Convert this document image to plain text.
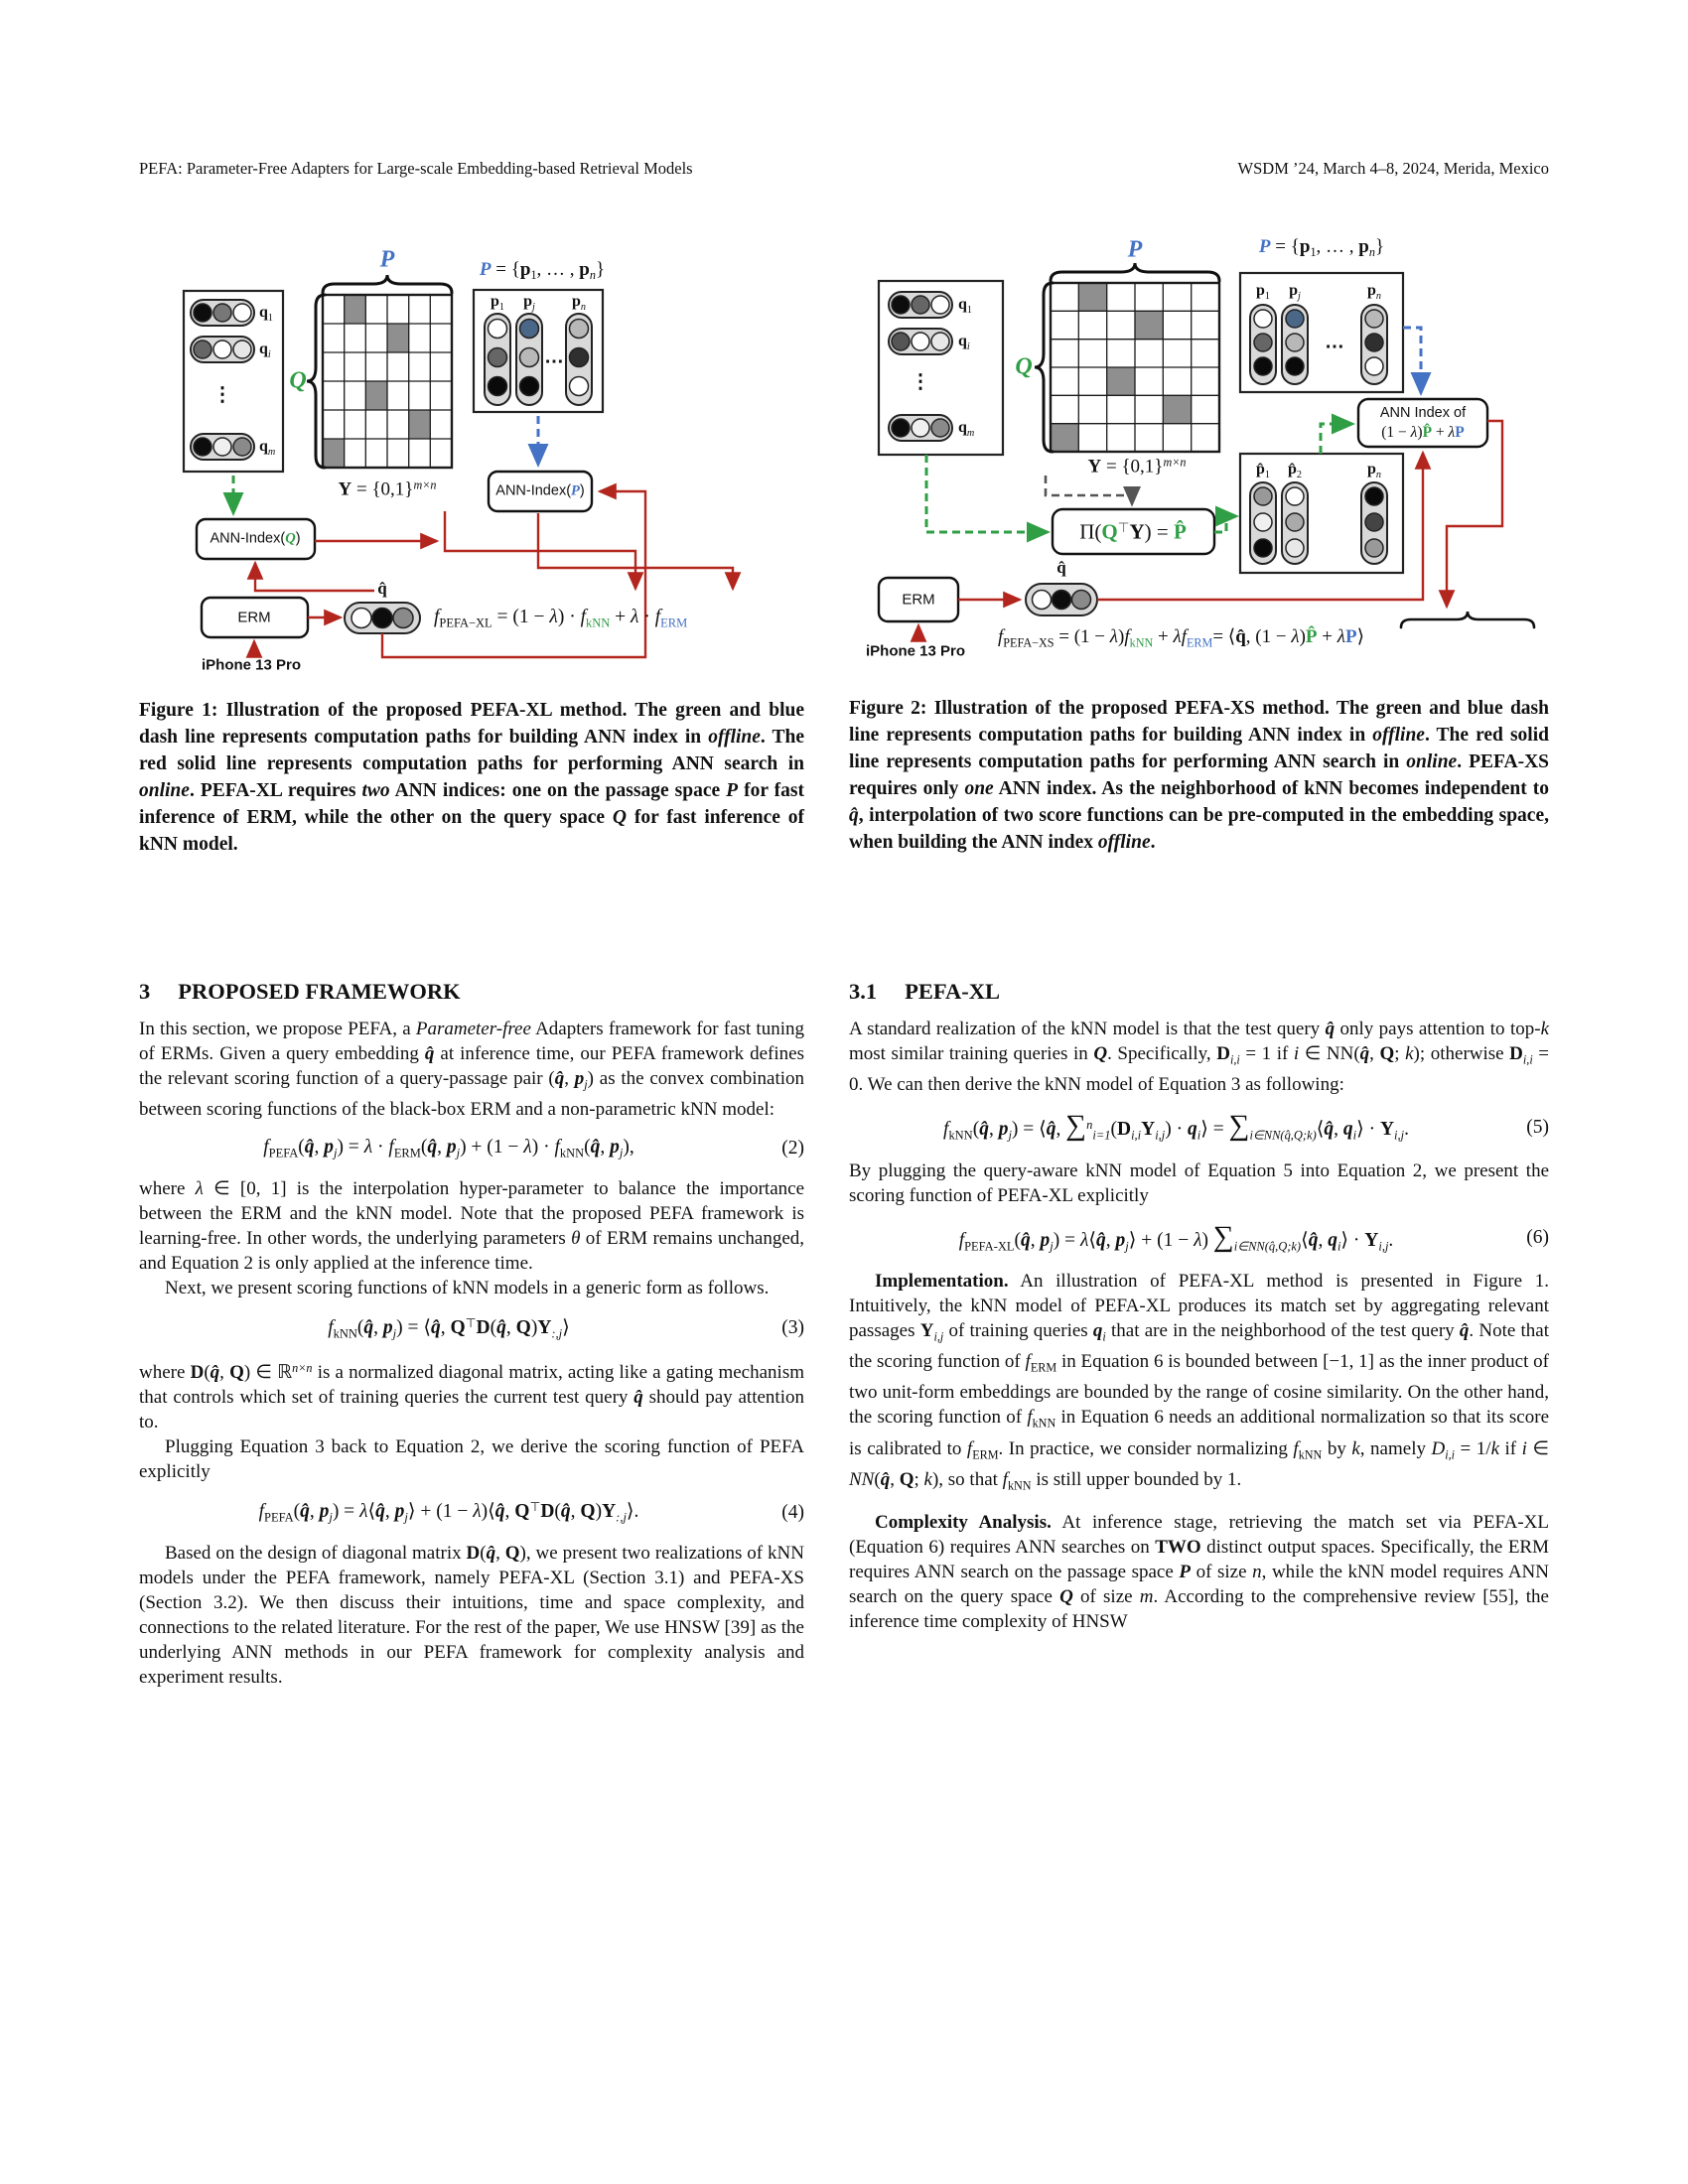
PEFA: Parameter-Free Adapters for Large-scale Embedding-based Retrieval Models	WSDM ’24, March 4–8, 2024, Merida, Mexico
P
Q
$q_1$
$q_i$
$q_m$
⋮
$Y = \{0,1\}^{m\times n}$
$P = \{p_1$, … , $p_n$}
$p_1$ $p_j$ $p_n$
…
ANN-Index(P)
ANN-Index(Q)
ERM
iPhone 13 Pro
q̂
$f_{PEFA-XL} = (1 - \lambda) \cdot f_{kNN} + \lambda \cdot f_{ERM}$
P
Q
$q_1$
$q_i$
$q_m$
⋮
$Y = \{0,1\}^{m\times n}$
$P = \{p_1$, … , $p_n$}
$p_1$ $p_j$	$p_n$
…
$p̂_1$ $p̂_2$	$p_n$
ANN Index of
(1 − λ)P̂ + λP
Π(Q⊤Y) = P̂
ERM
iPhone 13 Pro
q̂
$f_{PEFA-XS} = (1 - \lambda)f_{kNN} + \lambda f_{ERM}=$ ⟨q̂, (1 − λ)P̂ + λP⟩
Figure 1: Illustration of the proposed PEFA-XL method. The green and blue dash line represents computation paths for building ANN index in offline. The red solid line represents computation paths for performing ANN search in online. PEFA-XL requires two ANN indices: one on the passage space P for fast inference of ERM, while the other on the query space Q for fast inference of kNN model.
Figure 2: Illustration of the proposed PEFA-XS method. The green and blue dash line represents computation paths for building ANN index in offline. The red solid line represents computation paths for performing ANN search in online. PEFA-XS requires only one ANN index. As the neighborhood of kNN becomes independent to q̂, interpolation of two score functions can be pre-computed in the embedding space, when building the ANN index offline.
3 PROPOSED FRAMEWORK

In this section, we propose PEFA, a Parameter-free Adapters framework for fast tuning of ERMs. Given a query embedding q̂ at inference time, our PEFA framework defines the relevant scoring function of a query-passage pair (q̂, $p_j$) as the convex combination between scoring functions of the black-box ERM and a non-parametric kNN model:

$f_{PEFA}(q̂$, $p_j) = \lambda$ · $f_{ERM}(q̂$, $p_j) + (1 - \lambda)$ · $f_{kNN}(q̂$, $p_j$),	(2)

where λ ∈ [0, 1] is the interpolation hyper-parameter to balance the importance between the ERM and the kNN model. Note that the proposed PEFA framework is learning-free. In other words, the underlying parameters θ of ERM remains unchanged, and Equation 2 is only applied at the inference time.

Next, we present scoring functions of kNN models in a generic form as follows.

$f_{kNN}(q̂$, $p_j$) = ⟨q̂, Q⊤D(q̂, $Q)Y_{:,j}⟩$	(3)

where D(q̂, Q) ∈ ℝ$^{n\times n}$ is a normalized diagonal matrix, acting like a gating mechanism that controls which set of training queries the current test query q̂ should pay attention to.

Plugging Equation 3 back to Equation 2, we derive the scoring function of PEFA explicitly

$f_{PEFA}(q̂$, $p_j$) = λ⟨q̂, $p_j⟩ + (1$ − λ)⟨q̂, Q⊤D(q̂, $Q)Y_{:,j}⟩$.	(4)

Based on the design of diagonal matrix D(q̂, Q), we present two realizations of kNN models under the PEFA framework, namely PEFA-XL (Section 3.1) and PEFA-XS (Section 3.2). We then discuss their intuitions, time and space complexity, and connections to the related literature. For the rest of the paper, We use HNSW [39] as the underlying ANN methods in our PEFA framework for complexity analysis and experiment results.

3.1 PEFA-XL

A standard realization of the kNN model is that the test query q̂ only pays attention to top-k most similar training queries in Q. Specifically, $D_{i,i} = 1$ if i ∈ NN(q̂, Q; k); otherwise $D_{i,i} = 0$. We can then derive the kNN model of Equation 3 as following:

$f_{kNN}(q̂$, $p_j$) = ⟨q̂, $\sum^n_{i=1}(D_{i,i}Y_{i,j})$ · $q_i⟩$ = $\sum_{i\in NN(q̂,Q;k)}⟨q̂$, $q_i⟩ \cdot Y_{i,j}$.	(5)

By plugging the query-aware kNN model of Equation 5 into Equation 2, we present the scoring function of PEFA-XL explicitly

$f_{PEFA-XL}(q̂$, $p_j$) = λ⟨q̂, $p_j⟩ + (1 - \lambda)$ $\sum_{i\in NN(q̂,Q;k)}⟨q̂$, $q_i⟩ \cdot Y_{i,j}$.	(6)

Implementation. An illustration of PEFA-XL method is presented in Figure 1. Intuitively, the kNN model of PEFA-XL produces its match set by aggregating relevant passages $Y_{i,j}$ of training queries $q_i$ that are in the neighborhood of the test query q̂. Note that the scoring function of $f_{ERM}$ in Equation 6 is bounded between [−1, 1] as the inner product of two unit-form embeddings are bounded by the range of cosine similarity. On the other hand, the scoring function of $f_{kNN}$ in Equation 6 needs an additional normalization so that its score is calibrated to $f_{ERM}$. In practice, we consider normalizing $f_{kNN}$ by k, namely $D_{i,i} = 1/k$ if i ∈ NN(q̂, Q; k), so that $f_{kNN}$ is still upper bounded by 1.

Complexity Analysis. At inference stage, retrieving the match set via PEFA-XL (Equation 6) requires ANN searches on TWO distinct output spaces. Specifically, the ERM requires ANN search on the passage space P of size n, while the kNN model requires ANN search on the query space Q of size m. According to the comprehensive review [55], the inference time complexity of HNSW
